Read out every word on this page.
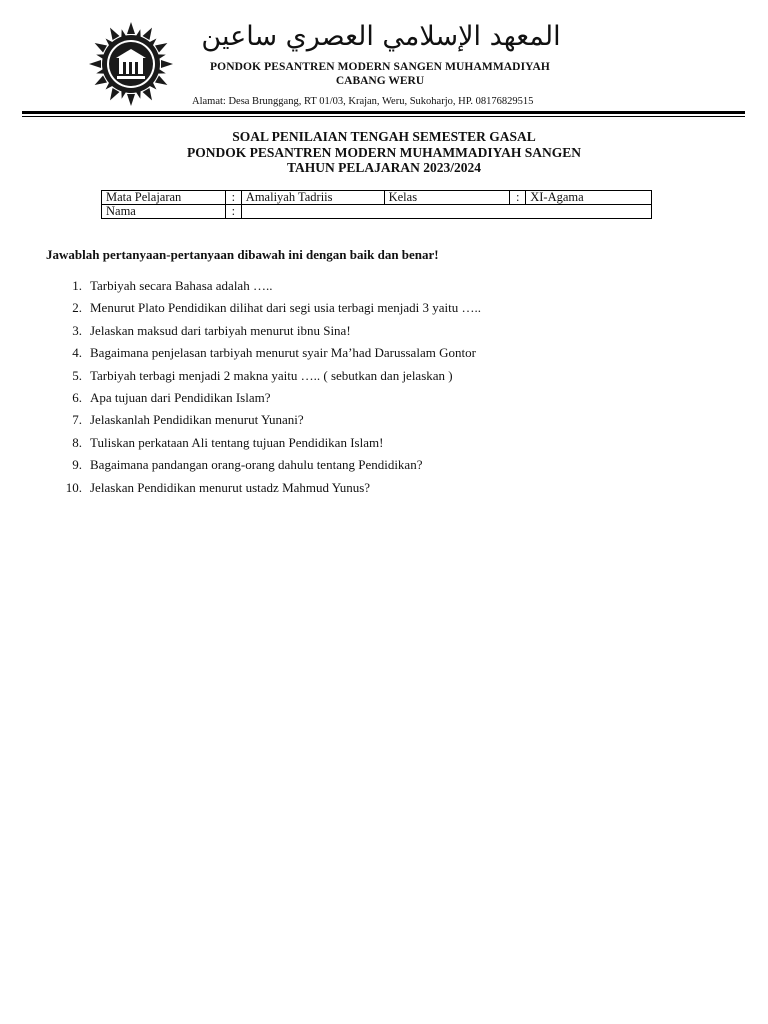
المعهد الإسلامي العصري ساعين
PONDOK PESANTREN MODERN SANGEN MUHAMMADIYAH
CABANG WERU
Alamat: Desa Brunggang, RT 01/03, Krajan, Weru, Sukoharjo, HP. 08176829515
SOAL PENILAIAN TENGAH SEMESTER GASAL
PONDOK PESANTREN MODERN MUHAMMADIYAH SANGEN
TAHUN PELAJARAN 2023/2024
Mata Pelajaran	:	Amaliyah Tadriis	Kelas	:	XI-Agama
Nama	:				
Jawablah pertanyaan-pertanyaan dibawah ini dengan baik dan benar!
1. Tarbiyah secara Bahasa adalah …..
2. Menurut Plato Pendidikan dilihat dari segi usia terbagi menjadi 3 yaitu …..
3. Jelaskan maksud dari tarbiyah menurut ibnu Sina!
4. Bagaimana penjelasan tarbiyah menurut syair Ma’had Darussalam Gontor
5. Tarbiyah terbagi menjadi 2 makna yaitu ….. ( sebutkan dan jelaskan )
6. Apa tujuan dari Pendidikan Islam?
7. Jelaskanlah Pendidikan menurut Yunani?
8. Tuliskan perkataan Ali tentang tujuan Pendidikan Islam!
9. Bagaimana pandangan orang-orang dahulu tentang Pendidikan?
10. Jelaskan Pendidikan menurut ustadz Mahmud Yunus?
